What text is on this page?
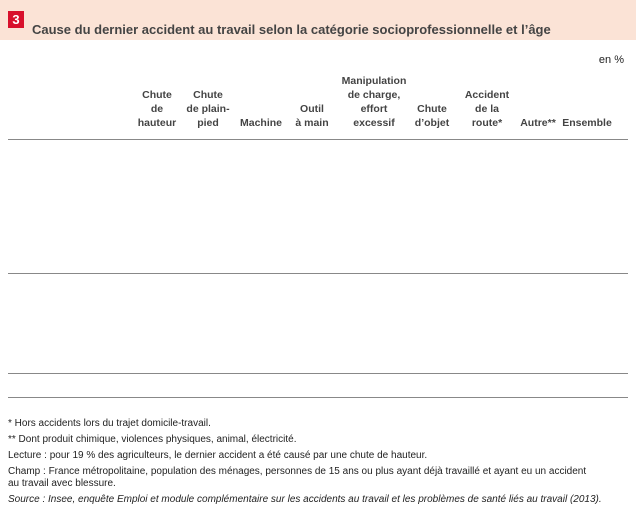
3
Cause du dernier accident au travail selon la catégorie socioprofessionnelle et l’âge
en %
Chute
de
hauteur
Chute
de plain-
pied	Machine
Outil
à main
Manipulation
de charge,
effort
excessif
Chute
d’objet
Accident
de la
route*	Autre** Ensemble
* Hors accidents lors du trajet domicile-travail.
** Dont produit chimique, violences physiques, animal, électricité.
Lecture : pour 19 % des agriculteurs, le dernier accident a été causé par une chute de hauteur.
Champ : France métropolitaine, population des ménages, personnes de 15 ans ou plus ayant déjà travaillé et ayant eu un accident
au travail avec blessure.
Source : Insee, enquête Emploi et module complémentaire sur les accidents au travail et les problèmes de santé liés au travail (2013).
